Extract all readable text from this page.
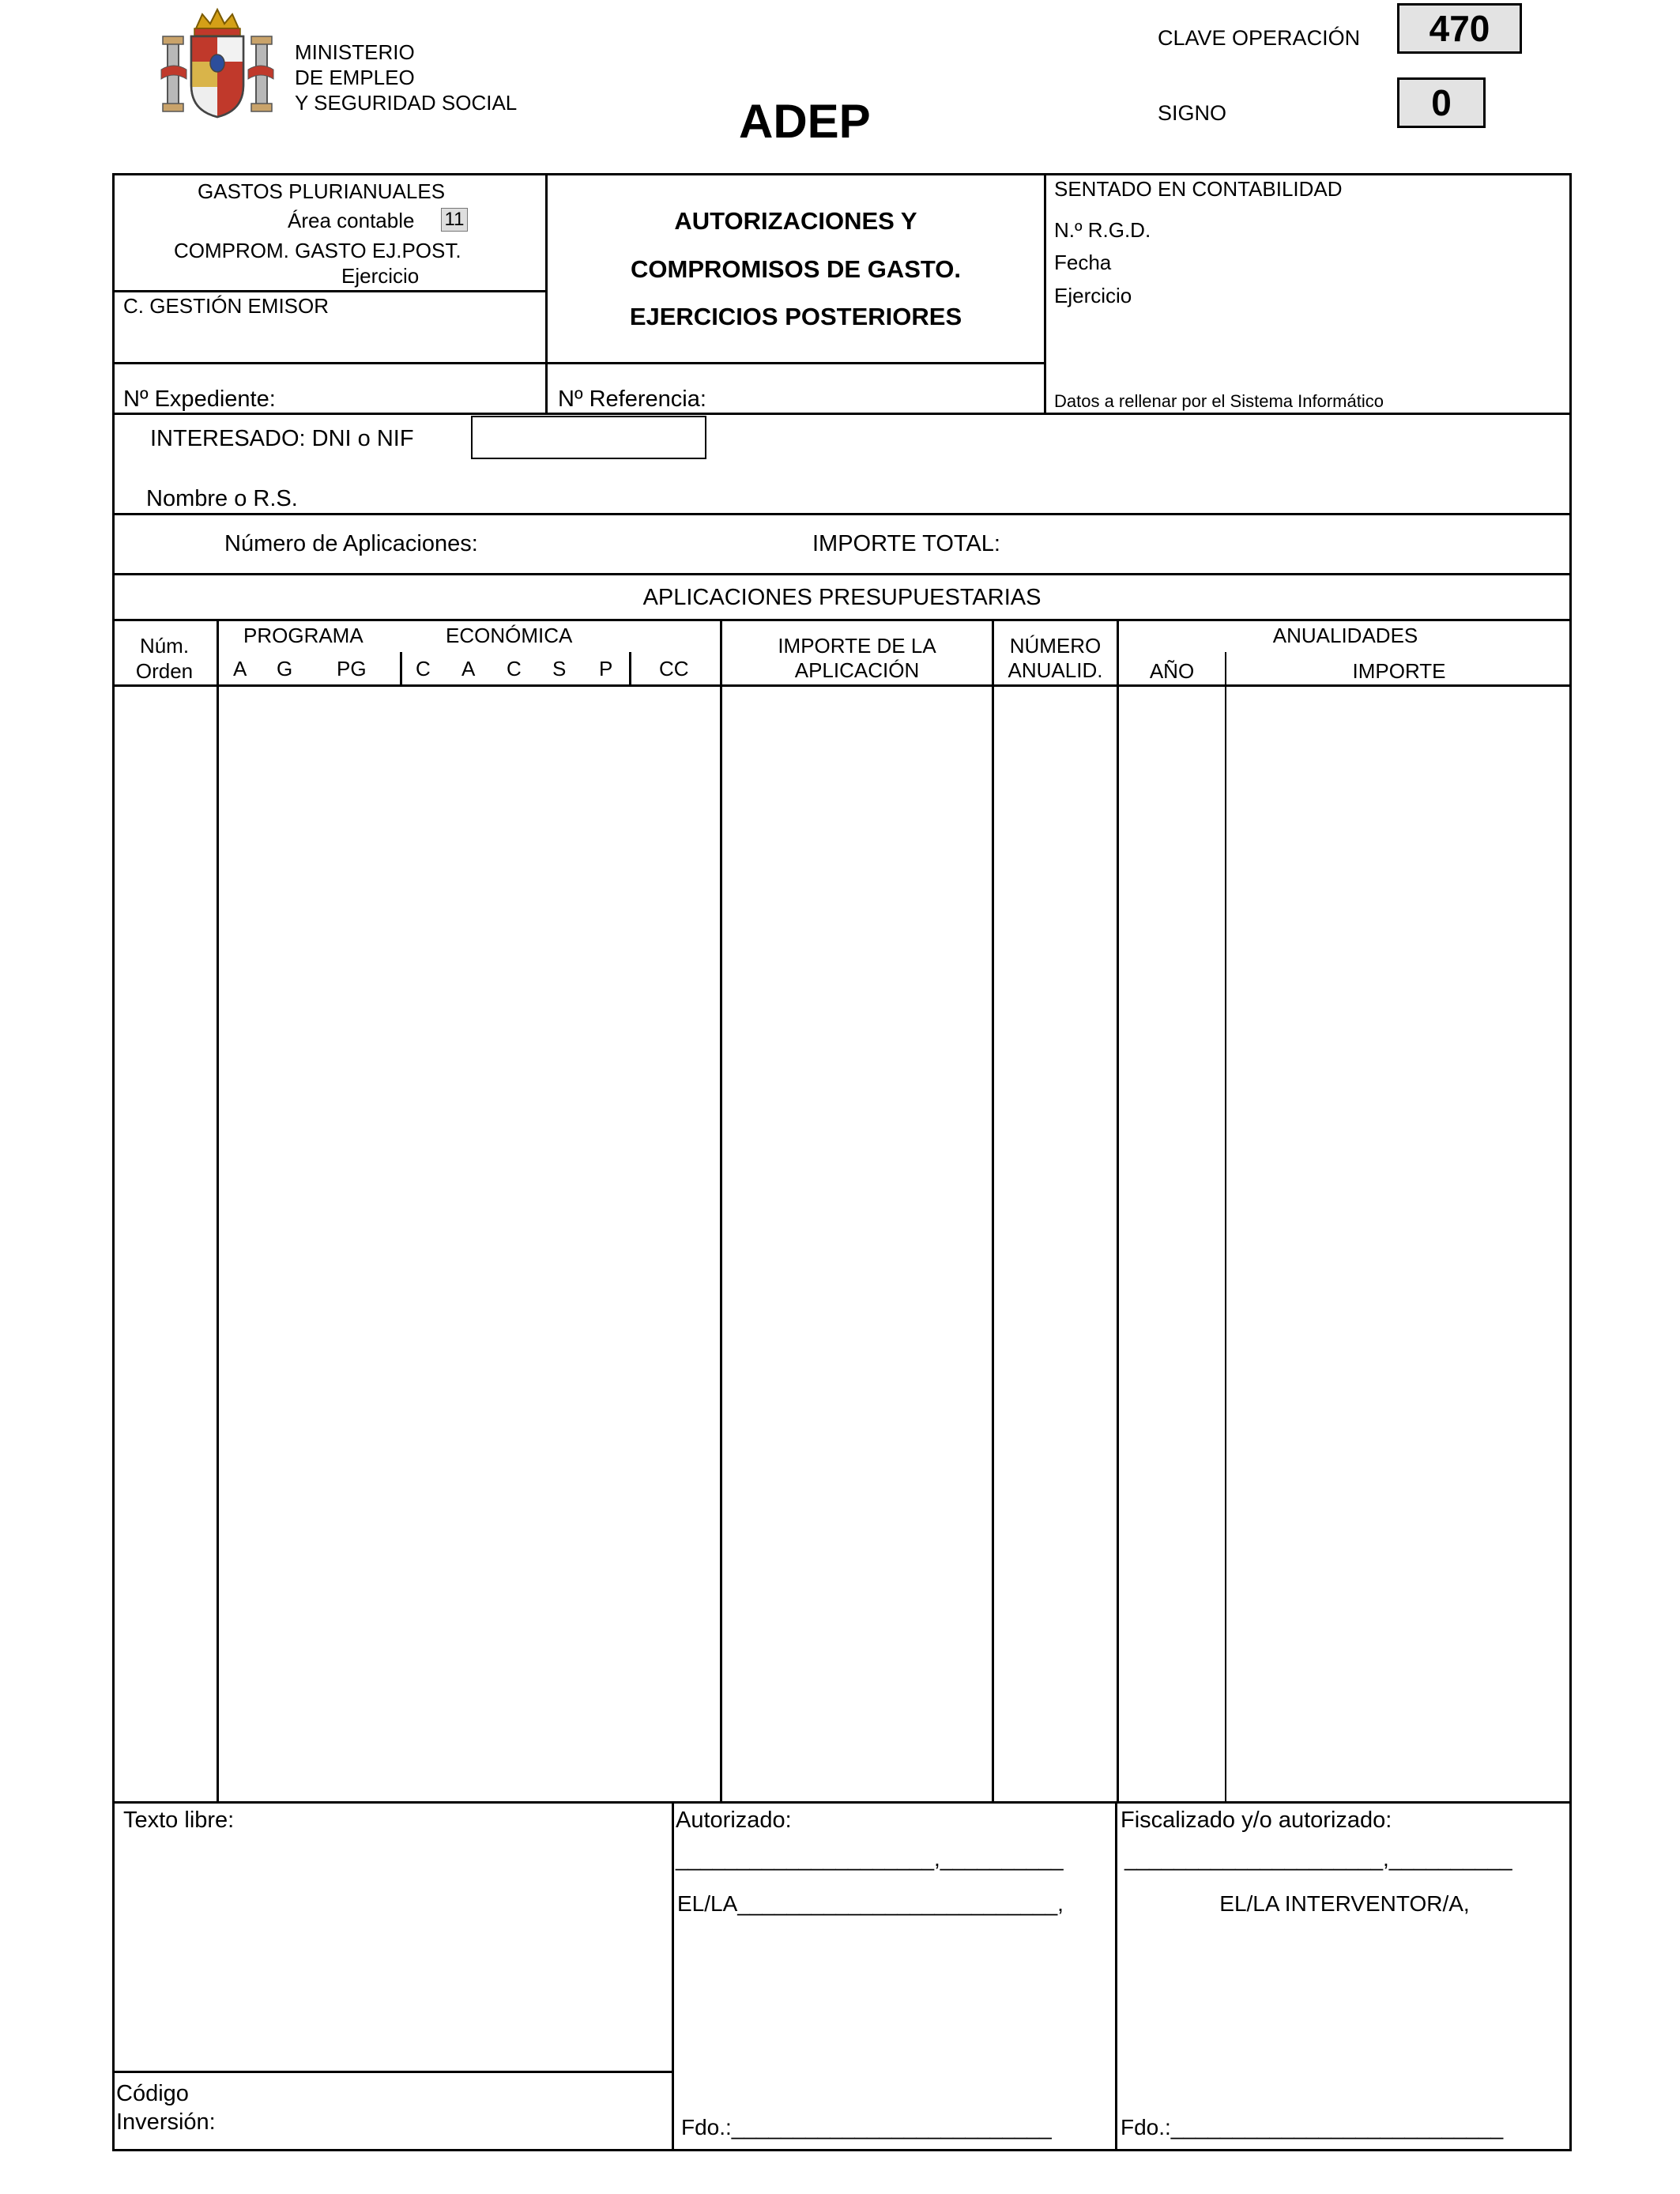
MINISTERIO
DE EMPLEO
Y SEGURIDAD SOCIAL	ADEP
CLAVE OPERACIÓN	470
SIGNO	0
GASTOS PLURIANUALES
Área contable 11
COMPROM. GASTO EJ.POST.
Ejercicio
C. GESTIÓN EMISOR
AUTORIZACIONES Y
COMPROMISOS DE GASTO.
EJERCICIOS POSTERIORES
SENTADO EN CONTABILIDAD
N.º R.G.D.
Fecha
Ejercicio
Datos a rellenar por el Sistema Informático
Nº Expediente:	Nº Referencia:
INTERESADO: DNI o NIF
Nombre o R.S.
Número de Aplicaciones:	IMPORTE TOTAL:
APLICACIONES PRESUPUESTARIAS
Núm.
Orden
PROGRAMA
A G PG
ECONÓMICA
C A C S P CC
IMPORTE DE LA
APLICACIÓN
NÚMERO
ANUALID.
ANUALIDADES
AÑO	IMPORTE
Texto libre:
Código
Inversión:
Autorizado:
_____________________,__________
EL/LA__________________________,
Fdo.:__________________________
Fiscalizado y/o autorizado:
_____________________,__________
EL/LA INTERVENTOR/A,
Fdo.:___________________________
